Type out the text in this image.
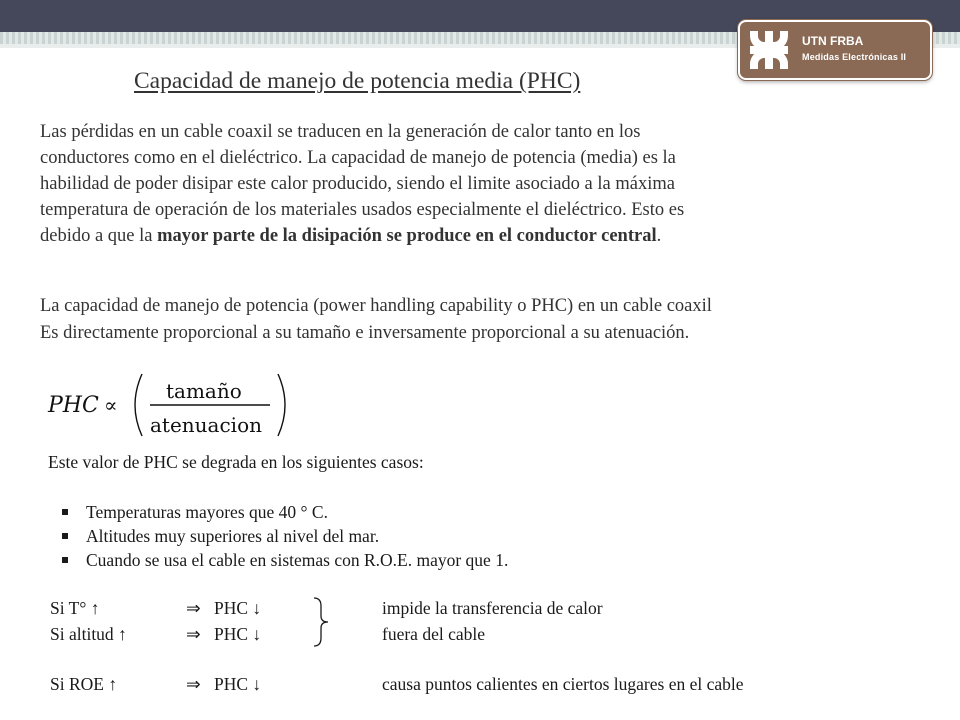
UTN FRBA
Medidas Electrónicas II
Capacidad de manejo de potencia media (PHC)
Las pérdidas en un cable coaxil se traducen en la generación de calor tanto en los
conductores como en el dieléctrico. La capacidad de manejo de potencia (media) es la
habilidad de poder disipar este calor producido, siendo el limite asociado a la máxima
temperatura de operación de los materiales usados especialmente el dieléctrico. Esto es
debido a que la mayor parte de la disipación se produce en el conductor central.
La capacidad de manejo de potencia (power handling capability o PHC) en un cable coaxil
Es directamente proporcional a su tamaño e inversamente proporcional a su atenuación.
PHC ∝
tamaño
atenuacion
Este valor de PHC se degrada en los siguientes casos:
Temperaturas mayores que 40 ° C.
Altitudes muy superiores al nivel del mar.
Cuando se usa el cable en sistemas con R.O.E. mayor que 1.
Si T° ↑	⇒ PHC ↓	impide la transferencia de calor
Si altitud ↑	⇒ PHC ↓	fuera del cable
Si ROE ↑	⇒ PHC ↓	causa puntos calientes en ciertos lugares en el cable
